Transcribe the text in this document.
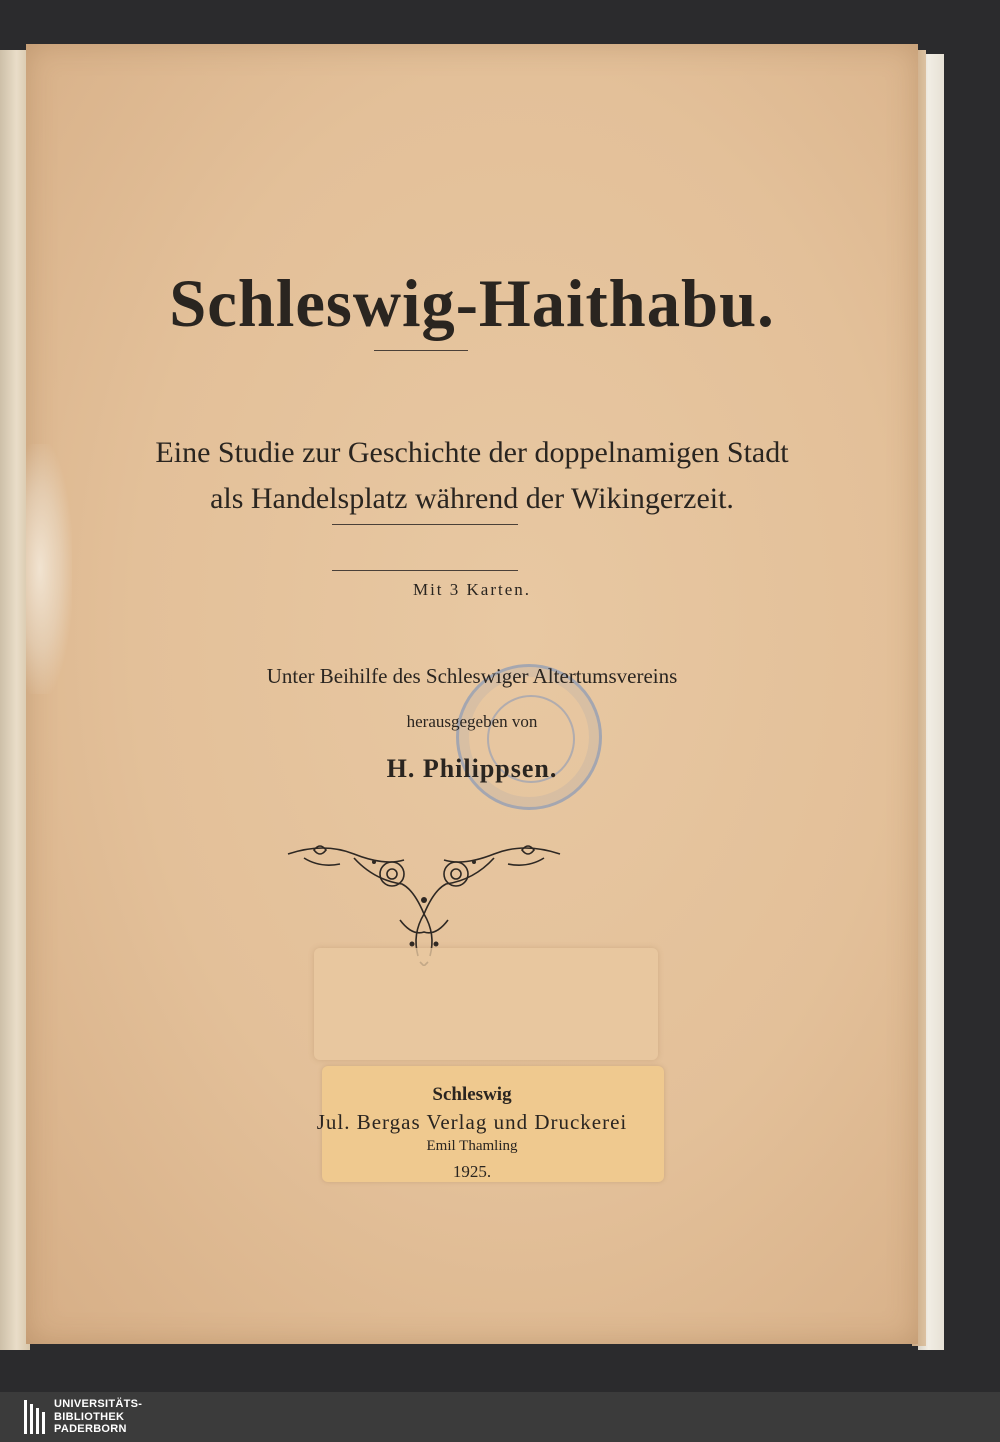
Schleswig-Haithabu.
Eine Studie zur Geschichte der doppelnamigen Stadt
als Handelsplatz während der Wikingerzeit.
Mit 3 Karten.
Unter Beihilfe des Schleswiger Altertumsvereins
herausgegeben von
H. Philippsen.
Schleswig
Jul. Bergas Verlag und Druckerei
Emil Thamling
1925.
UNIVERSITÄTS-
BIBLIOTHEK
PADERBORN
